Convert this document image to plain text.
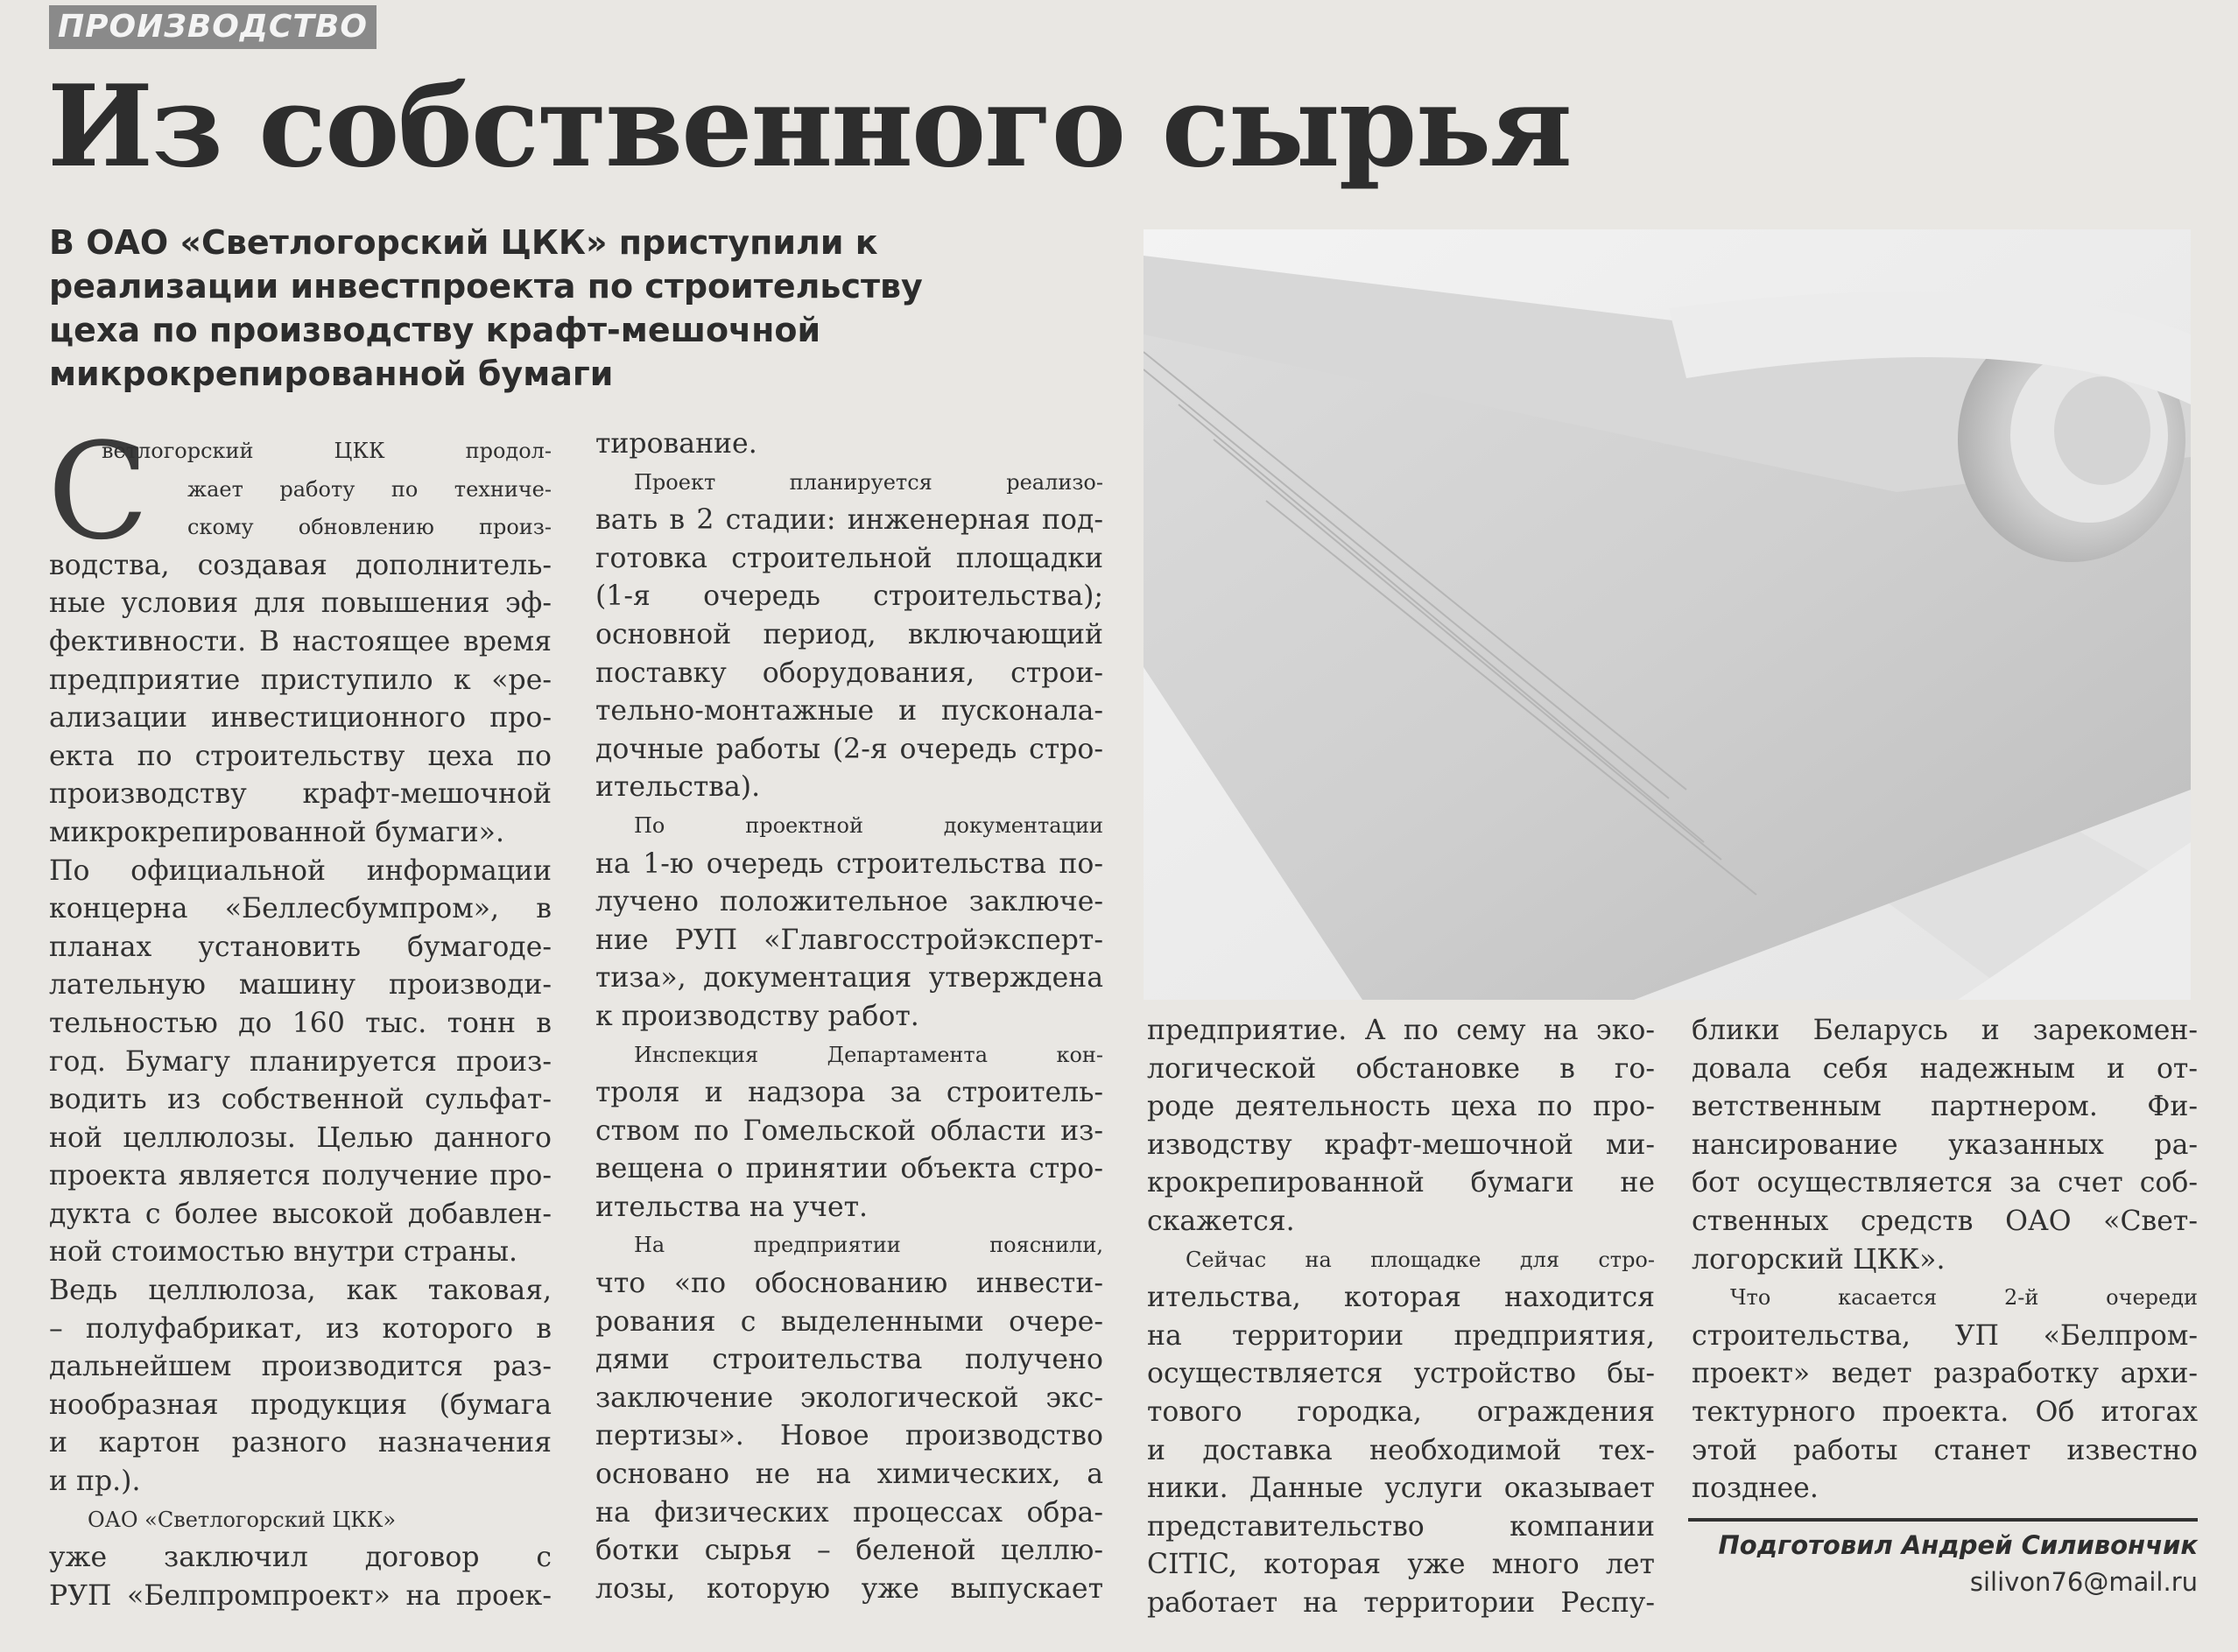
ПРОИЗВОДСТВО
Из собственного сырья
В ОАО «Светлогорский ЦКК» приступили к
реализации инвестпроекта по строительству
цеха по производству крафт-мешочной
микрокрепированной бумаги
С
ветлогорский ЦКК продол-
жает работу по техниче-
скому обновлению произ-
водства, создавая дополнитель-
ные условия для повышения эф-
фективности. В настоящее время
предприятие приступило к «ре-
ализации инвестиционного про-
екта по строительству цеха по
производству крафт-мешочной
микрокрепированной бумаги».
По официальной информации
концерна «Беллесбумпром», в
планах установить бумагоде-
лательную машину производи-
тельностью до 160 тыс. тонн в
год. Бумагу планируется произ-
водить из собственной сульфат-
ной целлюлозы. Целью данного
проекта является получение про-
дукта с более высокой добавлен-
ной стоимостью внутри страны.
Ведь целлюлоза, как таковая,
– полуфабрикат, из которого в
дальнейшем производится раз-
нообразная продукция (бумага
и картон разного назначения
и пр.).
ОАО «Светлогорский ЦКК»
уже заключил договор с
РУП «Белпромпроект» на проек-
тирование.
Проект планируется реализо-
вать в 2 стадии: инженерная под-
готовка строительной площадки
(1-я очередь строительства);
основной период, включающий
поставку оборудования, строи-
тельно-монтажные и пусконала-
дочные работы (2-я очередь стро-
ительства).
По проектной документации
на 1-ю очередь строительства по-
лучено положительное заключе-
ние РУП «Главгосстройэксперт-
тиза», документация утверждена
к производству работ.
Инспекция Департамента кон-
троля и надзора за строитель-
ством по Гомельской области из-
вещена о принятии объекта стро-
ительства на учет.
На предприятии пояснили,
что «по обоснованию инвести-
рования с выделенными очере-
дями строительства получено
заключение экологической экс-
пертизы». Новое производство
основано не на химических, а
на физических процессах обра-
ботки сырья – беленой целлю-
лозы, которую уже выпускает
предприятие. А по сему на эко-
логической обстановке в го-
роде деятельность цеха по про-
изводству крафт-мешочной ми-
крокрепированной бумаги не
скажется.
Сейчас на площадке для стро-
ительства, которая находится
на территории предприятия,
осуществляется устройство бы-
тового городка, ограждения
и доставка необходимой тех-
ники. Данные услуги оказывает
представительство компании
CITIC, которая уже много лет
работает на территории Респу-
блики Беларусь и зарекомен-
довала себя надежным и от-
ветственным партнером. Фи-
нансирование указанных ра-
бот осуществляется за счет соб-
ственных средств ОАО «Свет-
логорский ЦКК».
Что касается 2-й очереди
строительства, УП «Белпром-
проект» ведет разработку архи-
тектурного проекта. Об итогах
этой работы станет известно
позднее.
Подготовил Андрей Силивончик
silivon76@mail.ru
